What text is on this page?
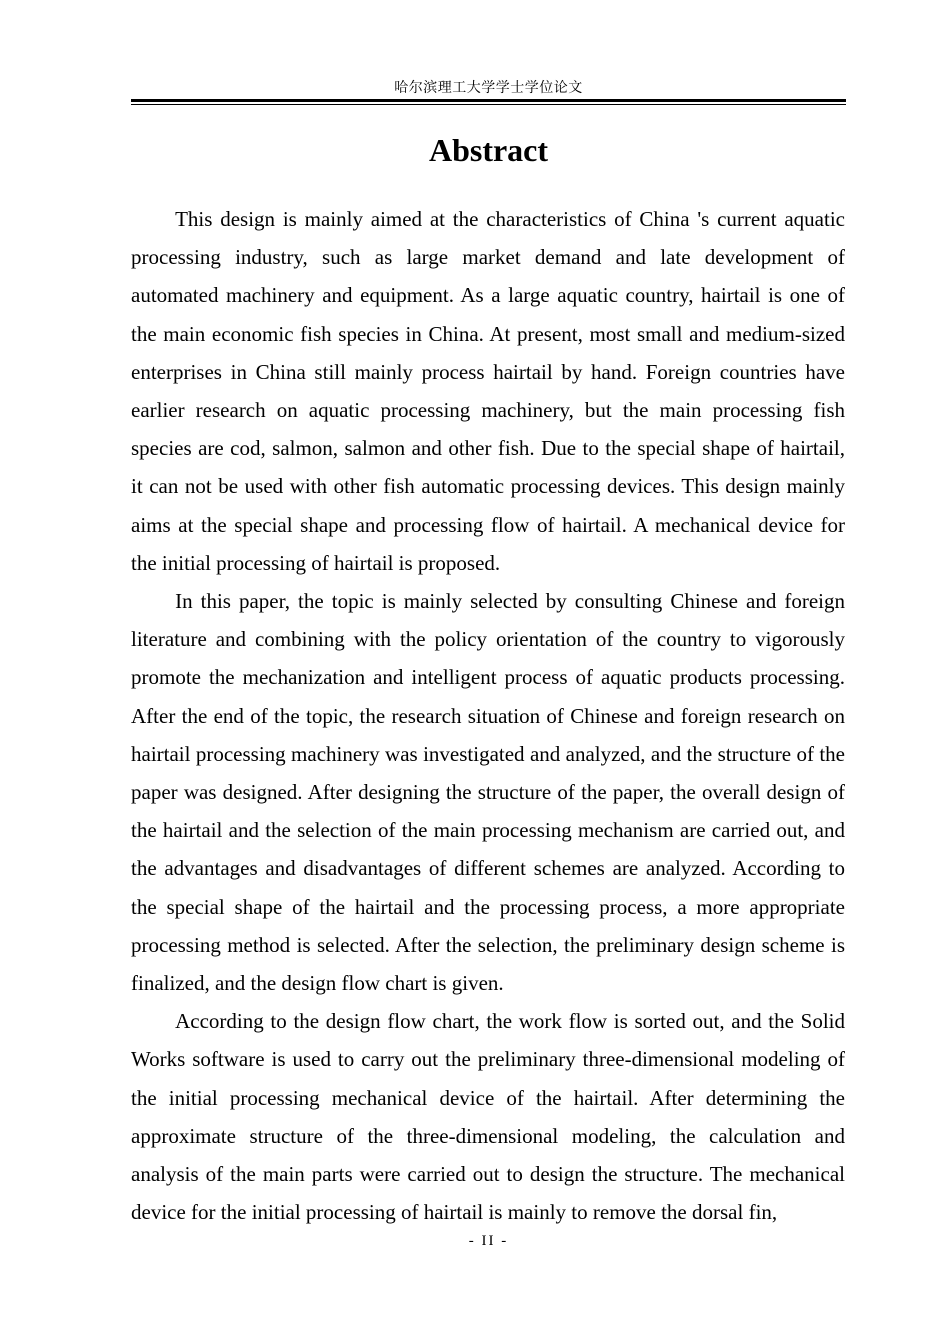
哈尔滨理工大学学士学位论文
Abstract

This design is mainly aimed at the characteristics of China 's current aquatic processing industry, such as large market demand and late development of automated machinery and equipment. As a large aquatic country, hairtail is one of the main economic fish species in China. At present, most small and medium-sized enterprises in China still mainly process hairtail by hand. Foreign countries have earlier research on aquatic processing machinery, but the main processing fish species are cod, salmon, salmon and other fish. Due to the special shape of hairtail, it can not be used with other fish automatic processing devices. This design mainly aims at the special shape and processing flow of hairtail. A mechanical device for the initial processing of hairtail is proposed.

In this paper, the topic is mainly selected by consulting Chinese and foreign literature and combining with the policy orientation of the country to vigorously promote the mechanization and intelligent process of aquatic products processing. After the end of the topic, the research situation of Chinese and foreign research on hairtail processing machinery was investigated and analyzed, and the structure of the paper was designed. After designing the structure of the paper, the overall design of the hairtail and the selection of the main processing mechanism are carried out, and the advantages and disadvantages of different schemes are analyzed. According to the special shape of the hairtail and the processing process, a more appropriate processing method is selected. After the selection, the preliminary design scheme is finalized, and the design flow chart is given.

According to the design flow chart, the work flow is sorted out, and the Solid Works software is used to carry out the preliminary three-dimensional modeling of the initial processing mechanical device of the hairtail. After determining the approximate structure of the three-dimensional modeling, the calculation and analysis of the main parts were carried out to design the structure. The mechanical device for the initial processing of hairtail is mainly to remove the dorsal fin,

- II -
